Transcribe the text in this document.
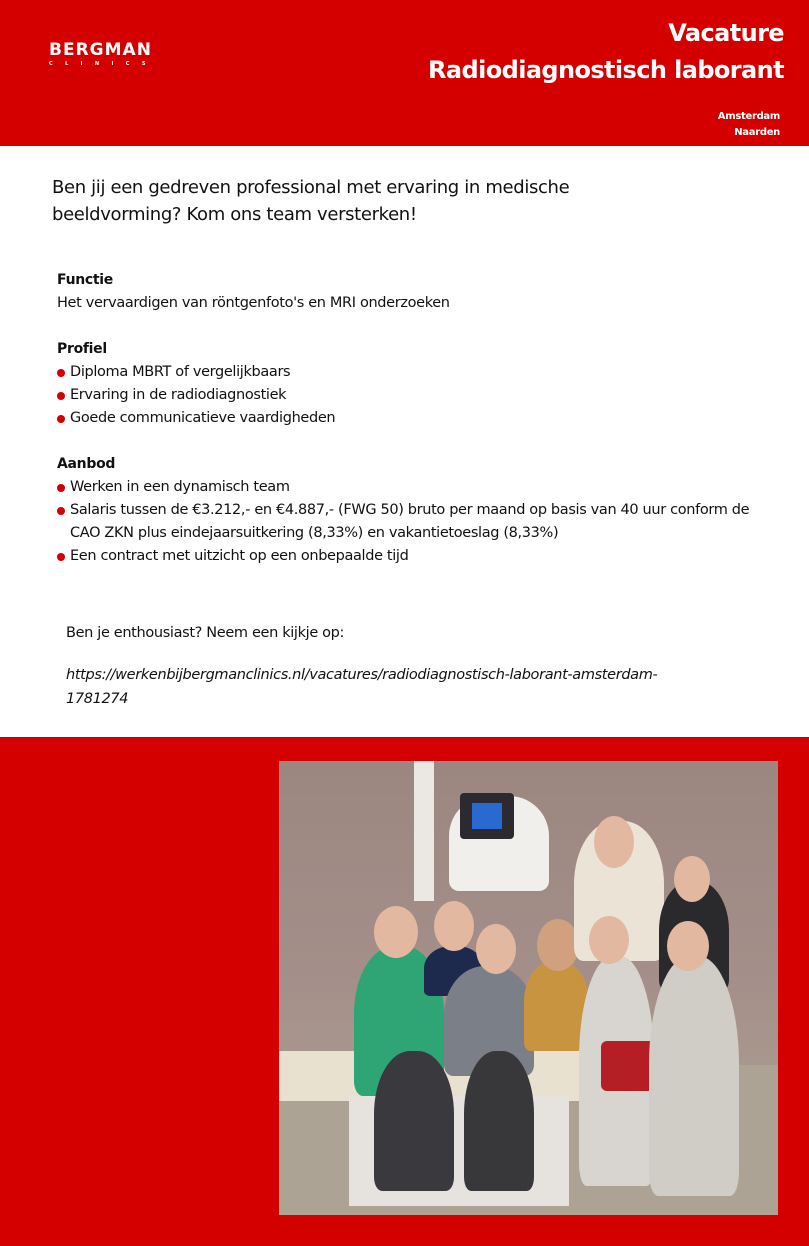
BERGMAN
CLINICS
Vacature
Radiodiagnostisch laborant
Amsterdam
Naarden
Ben jij een gedreven professional met ervaring in medische beeldvorming? Kom ons team versterken!
Functie
Het vervaardigen van röntgenfoto's en MRI onderzoeken
Profiel
Diploma MBRT of vergelijkbaars
Ervaring in de radiodiagnostiek
Goede communicatieve vaardigheden
Aanbod
Werken in een dynamisch team
Salaris tussen de €3.212,- en €4.887,- (FWG 50) bruto per maand op basis van 40 uur conform de CAO ZKN plus eindejaarsuitkering (8,33%) en vakantietoeslag (8,33%)
Een contract met uitzicht op een onbepaalde tijd
Ben je enthousiast? Neem een kijkje op:
https://werkenbijbergmanclinics.nl/vacatures/radiodiagnostisch-laborant-amsterdam-1781274
